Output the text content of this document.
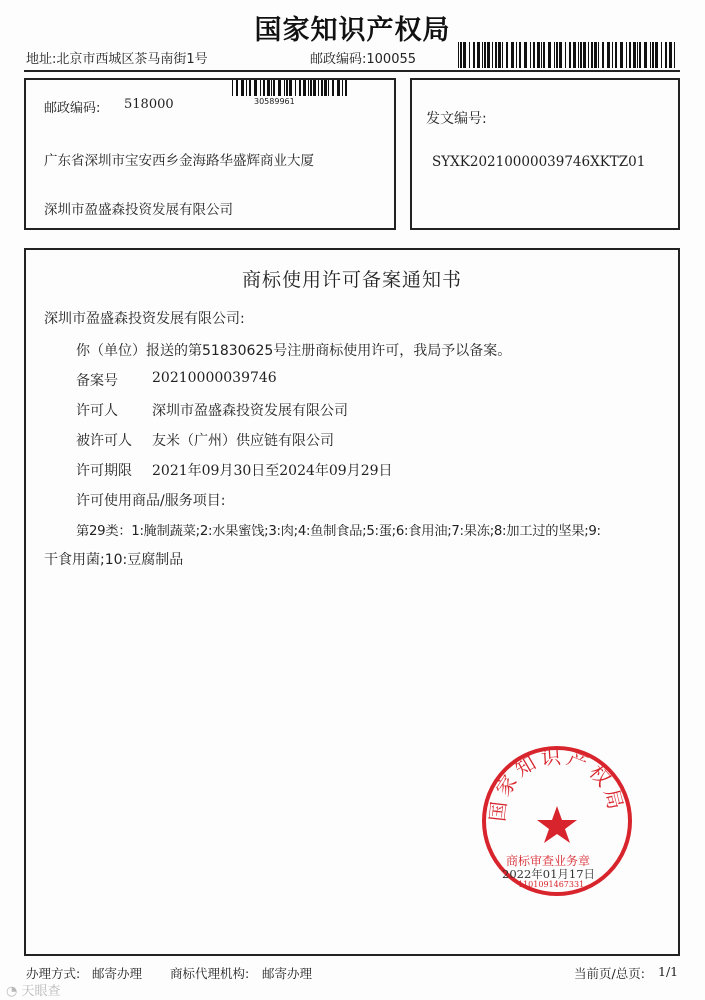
国家知识产权局
地址:北京市西城区茶马南街1号	邮政编码:100055
30589961
邮政编码: 518000
广东省深圳市宝安西乡金海路华盛辉商业大厦
深圳市盈盛森投资发展有限公司
发文编号:
SYXK20210000039746XKTZ01
商标使用许可备案通知书
深圳市盈盛森投资发展有限公司:
你（单位）报送的第51830625号注册商标使用许可，我局予以备案。
备案号 20210000039746
许可人 深圳市盈盛森投资发展有限公司
被许可人 友米（广州）供应链有限公司
许可期限 2021年09月30日至2024年09月29日
许可使用商品/服务项目:
第29类：1:腌制蔬菜;2:水果蜜饯;3:肉;4:鱼制食品;5:蛋;6:食用油;7:果冻;8:加工过的坚果;9:
干食用菌;10:豆腐制品
国家知识产权局
商标审查业务章
2022年01月17日
1101091467331
办理方式: 邮寄办理 商标代理机构: 邮寄办理	当前页/总页: 1/1
◔ 天眼查
